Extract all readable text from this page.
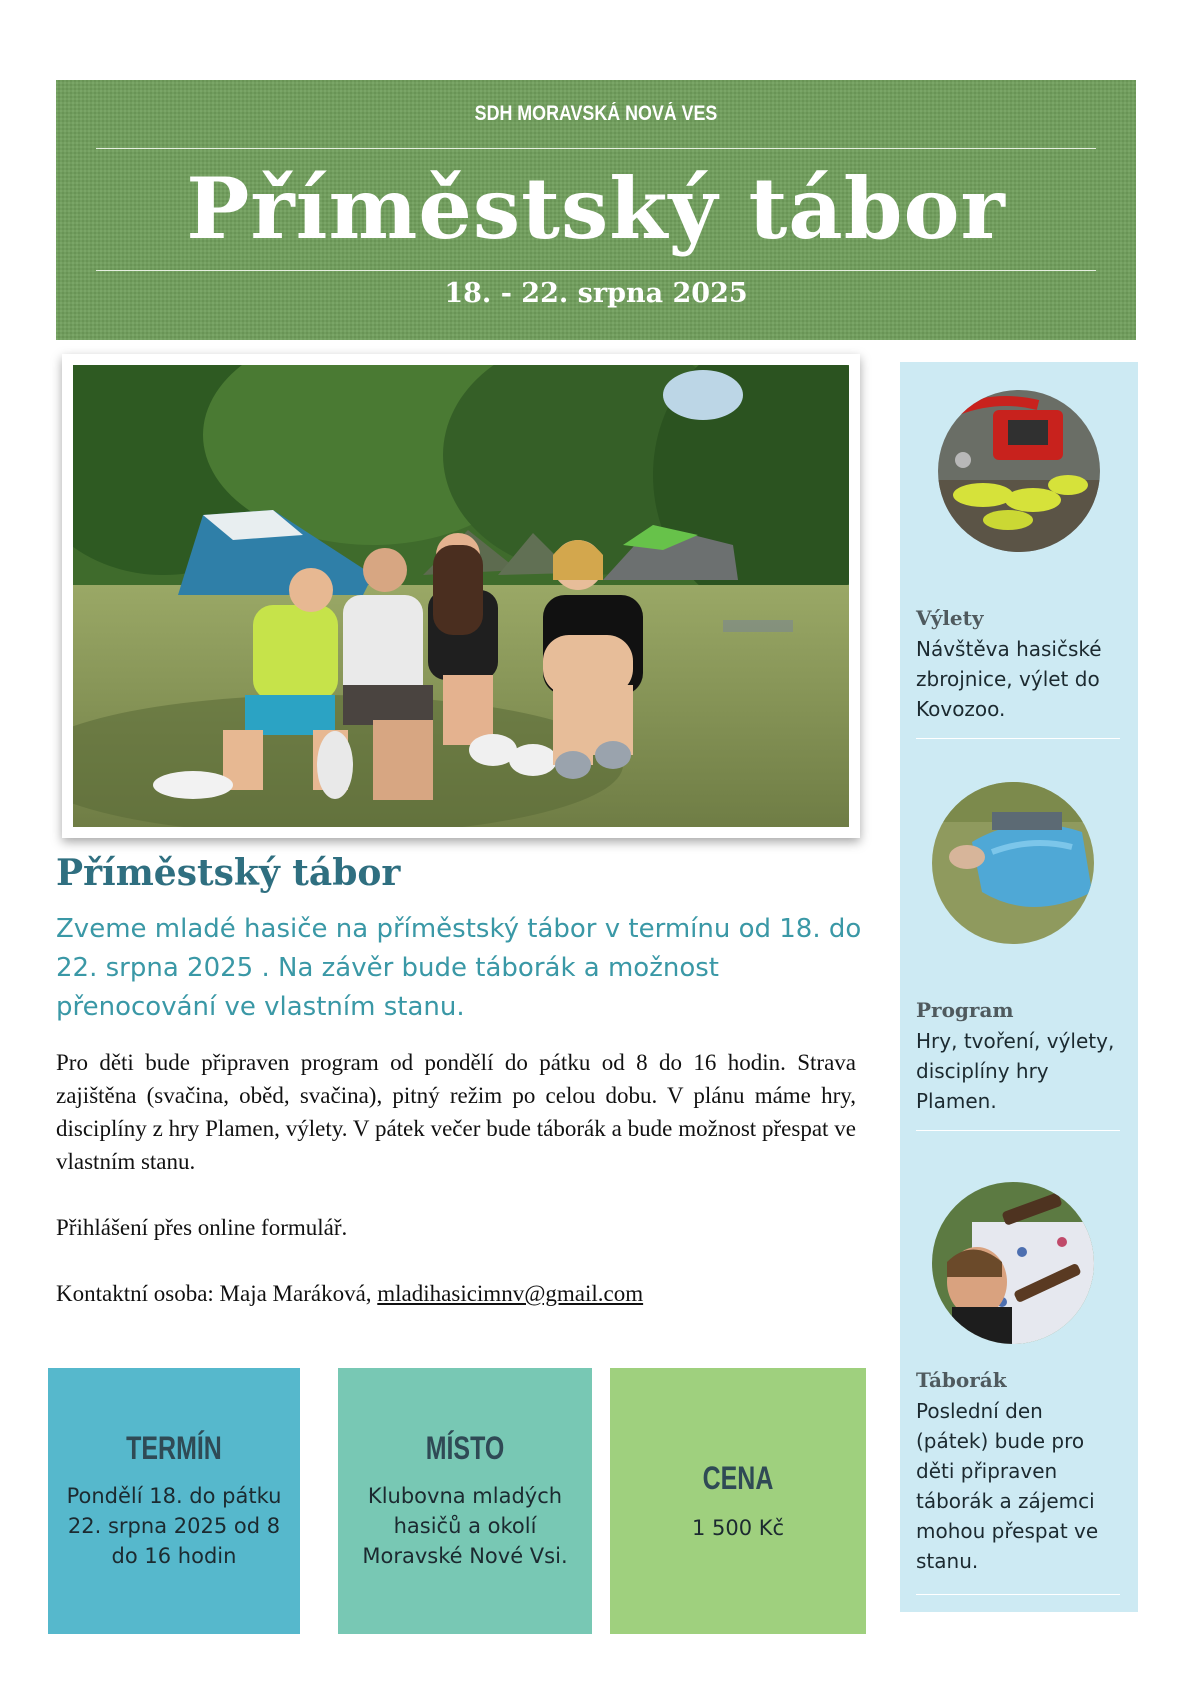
SDH MORAVSKÁ NOVÁ VES
Příměstský tábor
18. - 22. srpna 2025
Příměstský tábor
Zveme mladé hasiče na příměstský tábor v termínu od 18. do 22. srpna 2025 . Na závěr bude táborák a možnost přenocování ve vlastním stanu.

Pro děti bude připraven program od pondělí do pátku od 8 do 16 hodin. Strava zajištěna (svačina, oběd, svačina), pitný režim po celou dobu. V plánu máme hry, disciplíny z hry Plamen, výlety. V pátek večer bude táborák a bude možnost přespat ve vlastním stanu.

Přihlášení přes online formulář.

Kontaktní osoba: Maja Maráková, mladihasicimnv@gmail.com

TERMÍN
Pondělí 18. do pátku 22. srpna 2025 od 8 do 16 hodin
MÍSTO
Klubovna mladých hasičů a okolí Moravské Nové Vsi.
CENA
1 500 Kč
Výlety
Návštěva hasičské zbrojnice, výlet do Kovozoo.
Program
Hry, tvoření, výlety, disciplíny hry Plamen.
Táborák
Poslední den (pátek) bude pro děti připraven táborák a zájemci mohou přespat ve stanu.
